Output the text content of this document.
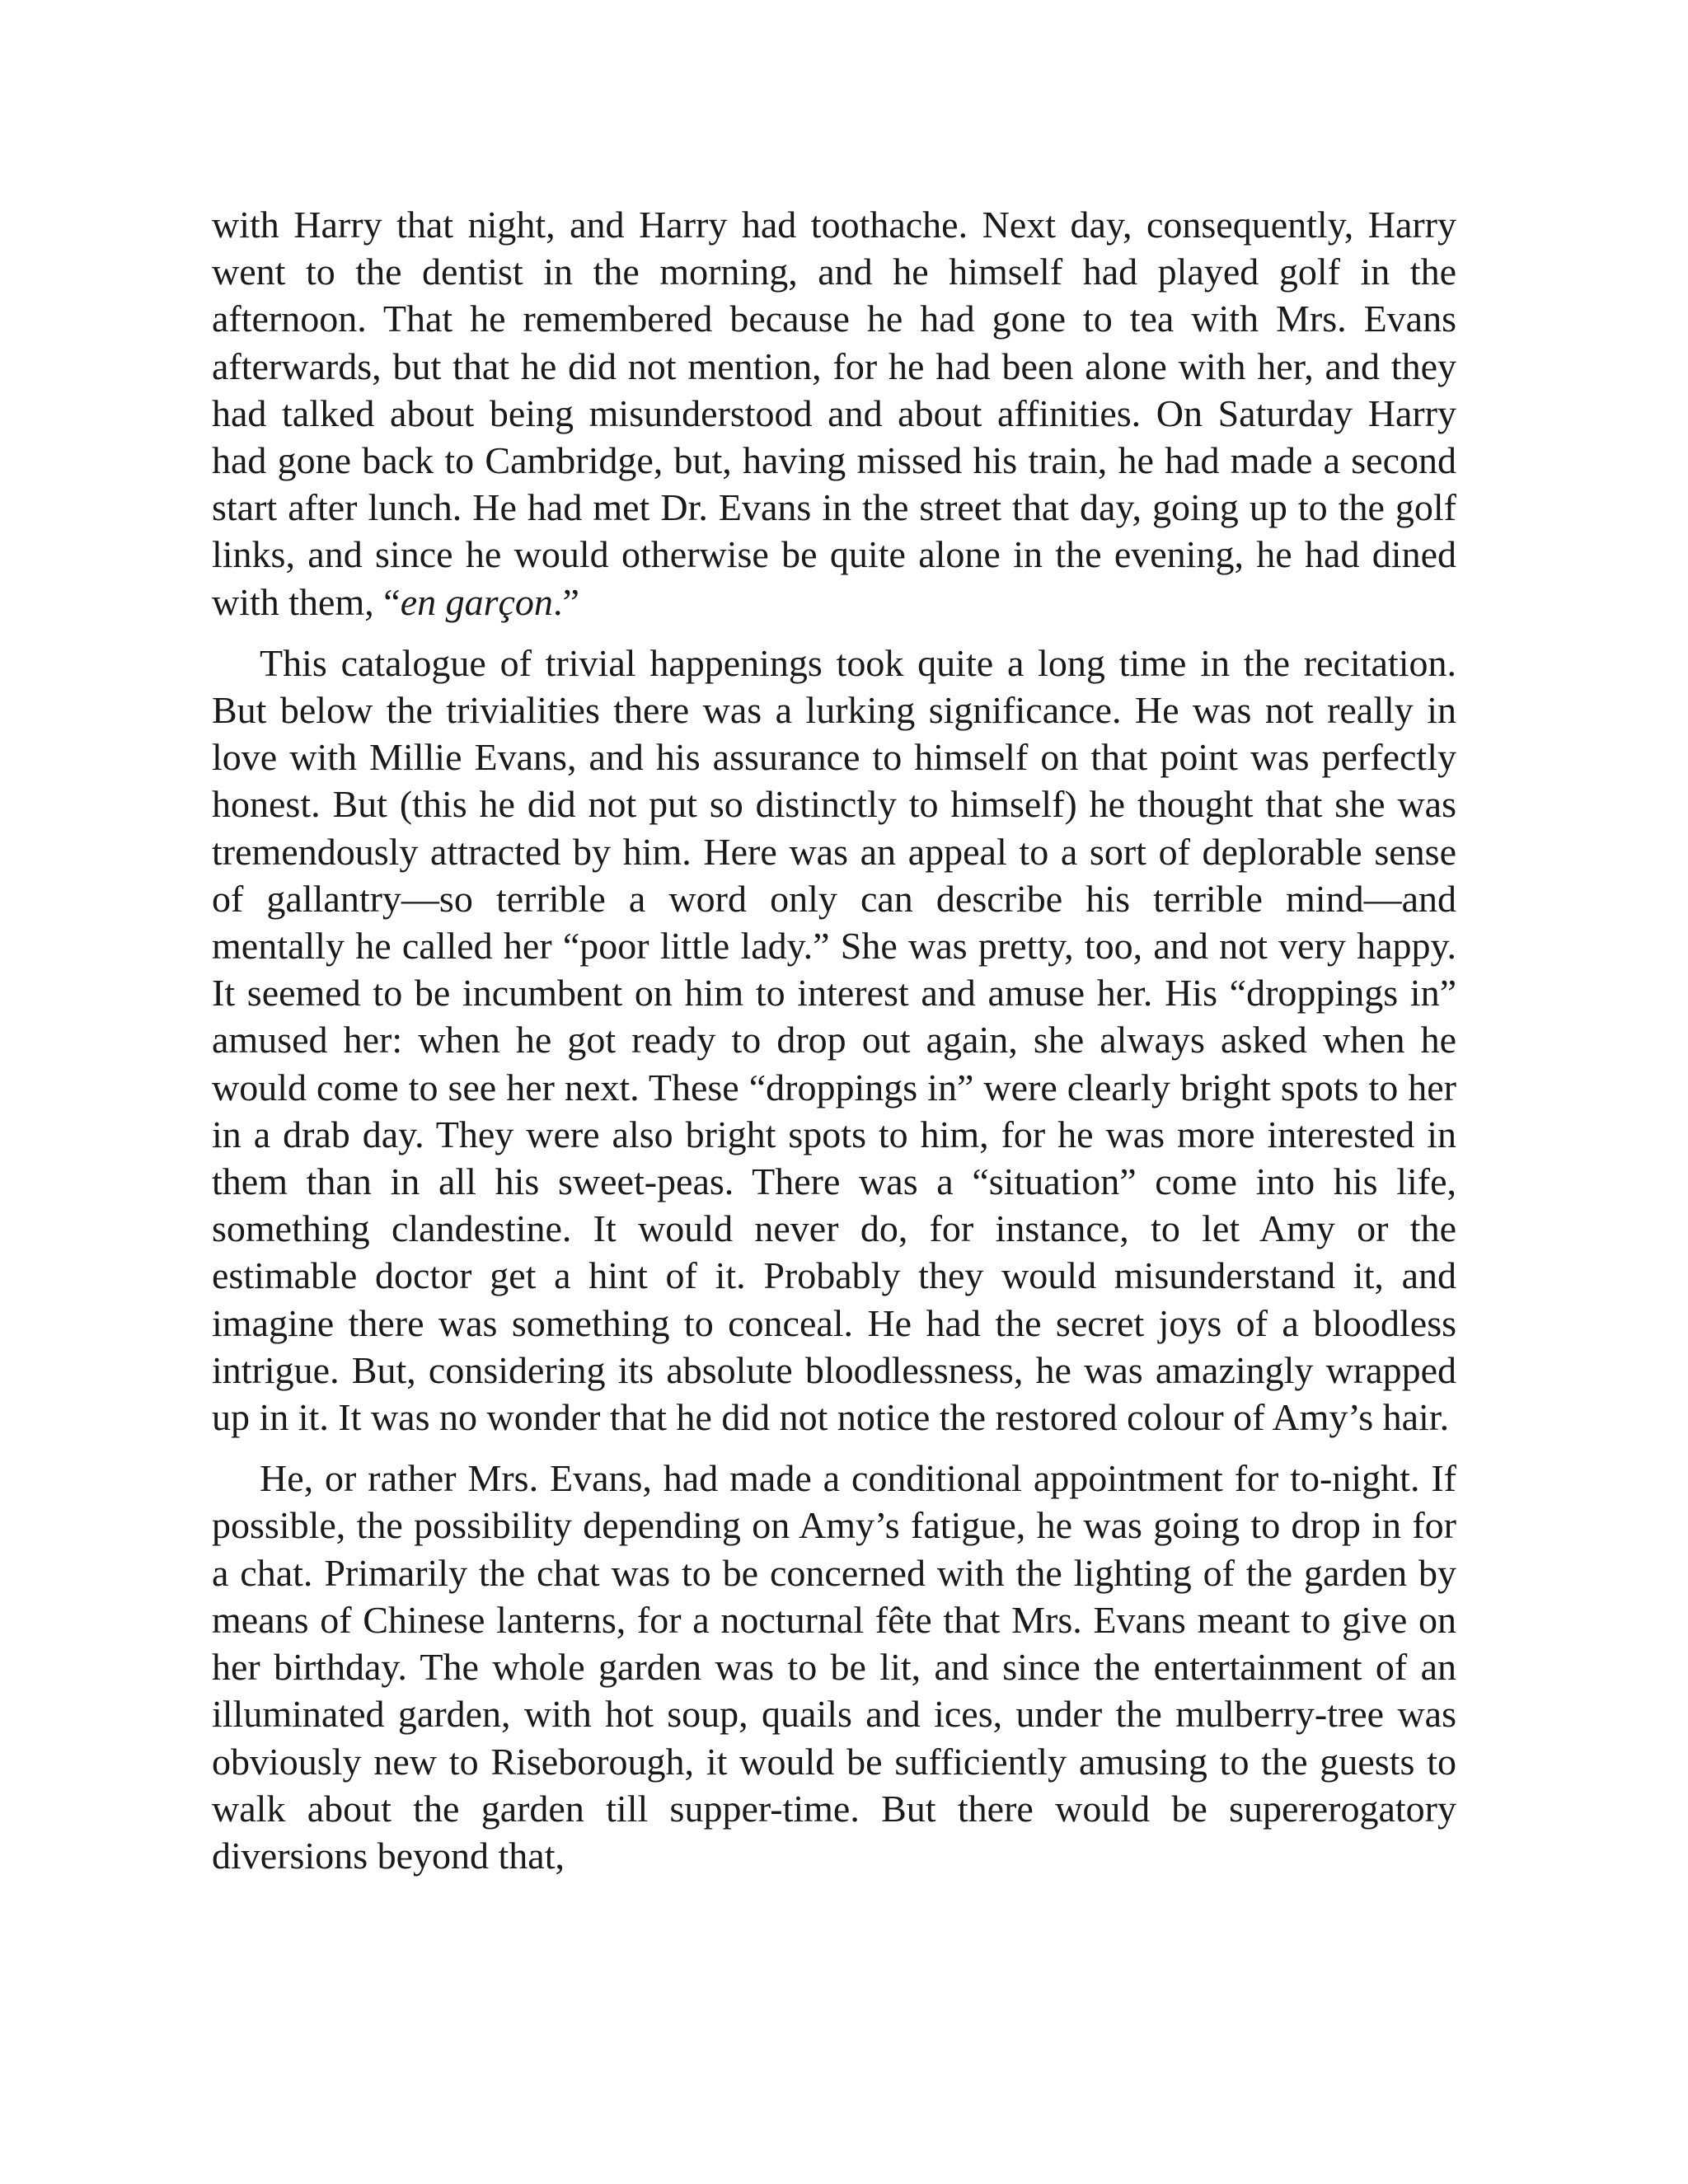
with Harry that night, and Harry had toothache. Next day, consequently, Harry went to the dentist in the morning, and he himself had played golf in the afternoon. That he remembered because he had gone to tea with Mrs. Evans afterwards, but that he did not mention, for he had been alone with her, and they had talked about being misunderstood and about affinities. On Saturday Harry had gone back to Cambridge, but, having missed his train, he had made a second start after lunch. He had met Dr. Evans in the street that day, going up to the golf links, and since he would otherwise be quite alone in the evening, he had dined with them, “en garçon.”

This catalogue of trivial happenings took quite a long time in the recitation. But below the trivialities there was a lurking significance. He was not really in love with Millie Evans, and his assurance to himself on that point was perfectly honest. But (this he did not put so distinctly to himself) he thought that she was tremendously attracted by him. Here was an appeal to a sort of deplorable sense of gallantry—so terrible a word only can describe his terrible mind—and mentally he called her “poor little lady.” She was pretty, too, and not very happy. It seemed to be incumbent on him to interest and amuse her. His “droppings in” amused her: when he got ready to drop out again, she always asked when he would come to see her next. These “droppings in” were clearly bright spots to her in a drab day. They were also bright spots to him, for he was more interested in them than in all his sweet-peas. There was a “situation” come into his life, something clandestine. It would never do, for instance, to let Amy or the estimable doctor get a hint of it. Probably they would misunderstand it, and imagine there was something to conceal. He had the secret joys of a bloodless intrigue. But, considering its absolute bloodlessness, he was amazingly wrapped up in it. It was no wonder that he did not notice the restored colour of Amy’s hair.

He, or rather Mrs. Evans, had made a conditional appointment for to-night. If possible, the possibility depending on Amy’s fatigue, he was going to drop in for a chat. Primarily the chat was to be concerned with the lighting of the garden by means of Chinese lanterns, for a nocturnal fête that Mrs. Evans meant to give on her birthday. The whole garden was to be lit, and since the entertainment of an illuminated garden, with hot soup, quails and ices, under the mulberry-tree was obviously new to Riseborough, it would be sufficiently amusing to the guests to walk about the garden till supper-time. But there would be supererogatory diversions beyond that,
